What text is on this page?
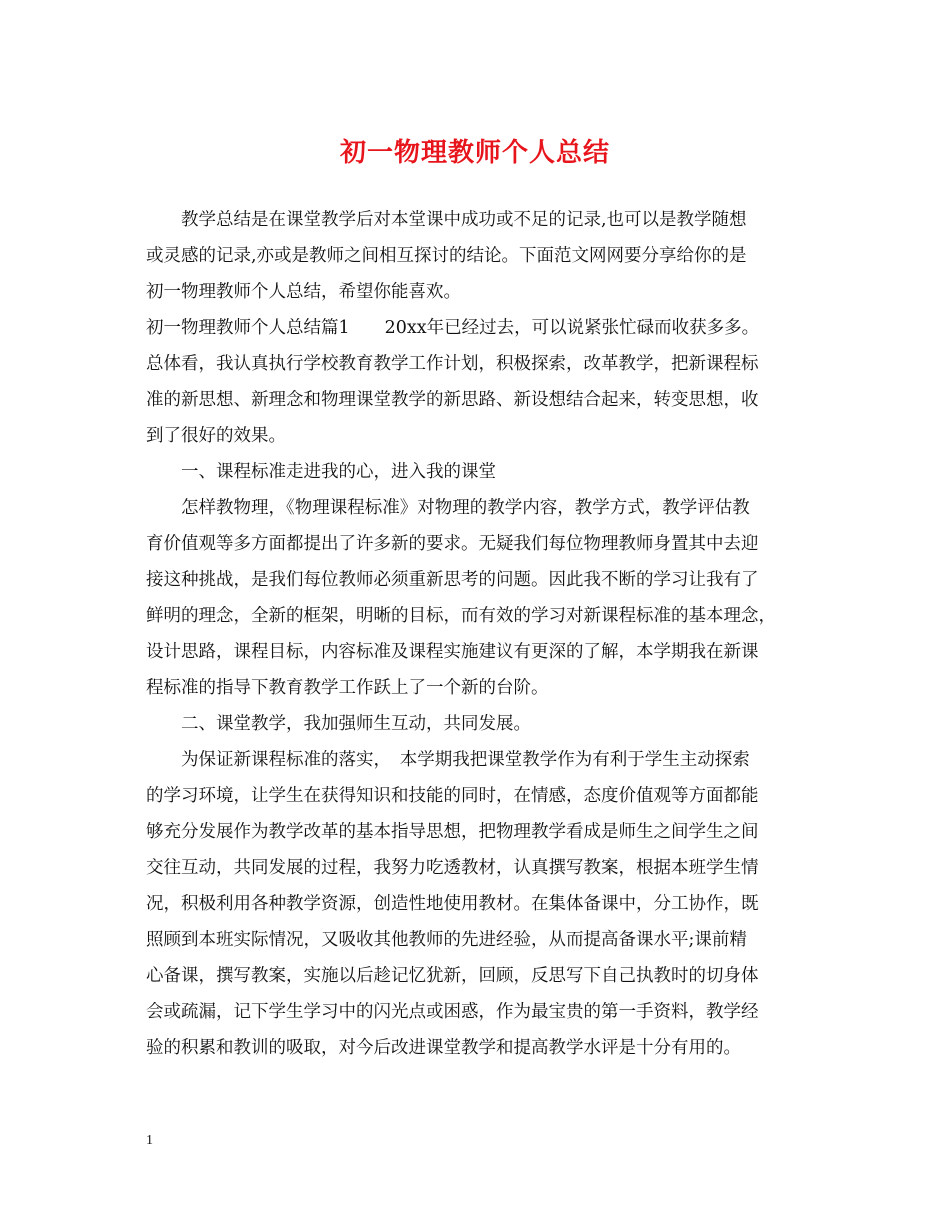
初一物理教师个人总结
　　教学总结是在课堂教学后对本堂课中成功或不足的记录,也可以是教学随想
或灵感的记录,亦或是教师之间相互探讨的结论。下面范文网网要分享给你的是
初一物理教师个人总结，希望你能喜欢。
初一物理教师个人总结篇1　　20xx年已经过去，可以说紧张忙碌而收获多多。
总体看，我认真执行学校教育教学工作计划，积极探索，改革教学，把新课程标
准的新思想、新理念和物理课堂教学的新思路、新设想结合起来，转变思想，收
到了很好的效果。
　　一、课程标准走进我的心，进入我的课堂
　　怎样教物理，《物理课程标准》对物理的教学内容，教学方式，教学评估教
育价值观等多方面都提出了许多新的要求。无疑我们每位物理教师身置其中去迎
接这种挑战，是我们每位教师必须重新思考的问题。因此我不断的学习让我有了
鲜明的理念，全新的框架，明晰的目标，而有效的学习对新课程标准的基本理念，
设计思路，课程目标，内容标准及课程实施建议有更深的了解，本学期我在新课
程标准的指导下教育教学工作跃上了一个新的台阶。
　　二、课堂教学，我加强师生互动，共同发展。
　　为保证新课程标准的落实，　本学期我把课堂教学作为有利于学生主动探索
的学习环境，让学生在获得知识和技能的同时，在情感，态度价值观等方面都能
够充分发展作为教学改革的基本指导思想，把物理教学看成是师生之间学生之间
交往互动，共同发展的过程，我努力吃透教材，认真撰写教案，根据本班学生情
况，积极利用各种教学资源，创造性地使用教材。在集体备课中，分工协作，既
照顾到本班实际情况，又吸收其他教师的先进经验，从而提高备课水平;课前精
心备课，撰写教案，实施以后趁记忆犹新，回顾，反思写下自己执教时的切身体
会或疏漏，记下学生学习中的闪光点或困惑，作为最宝贵的第一手资料，教学经
验的积累和教训的吸取，对今后改进课堂教学和提高教学水评是十分有用的。
1
